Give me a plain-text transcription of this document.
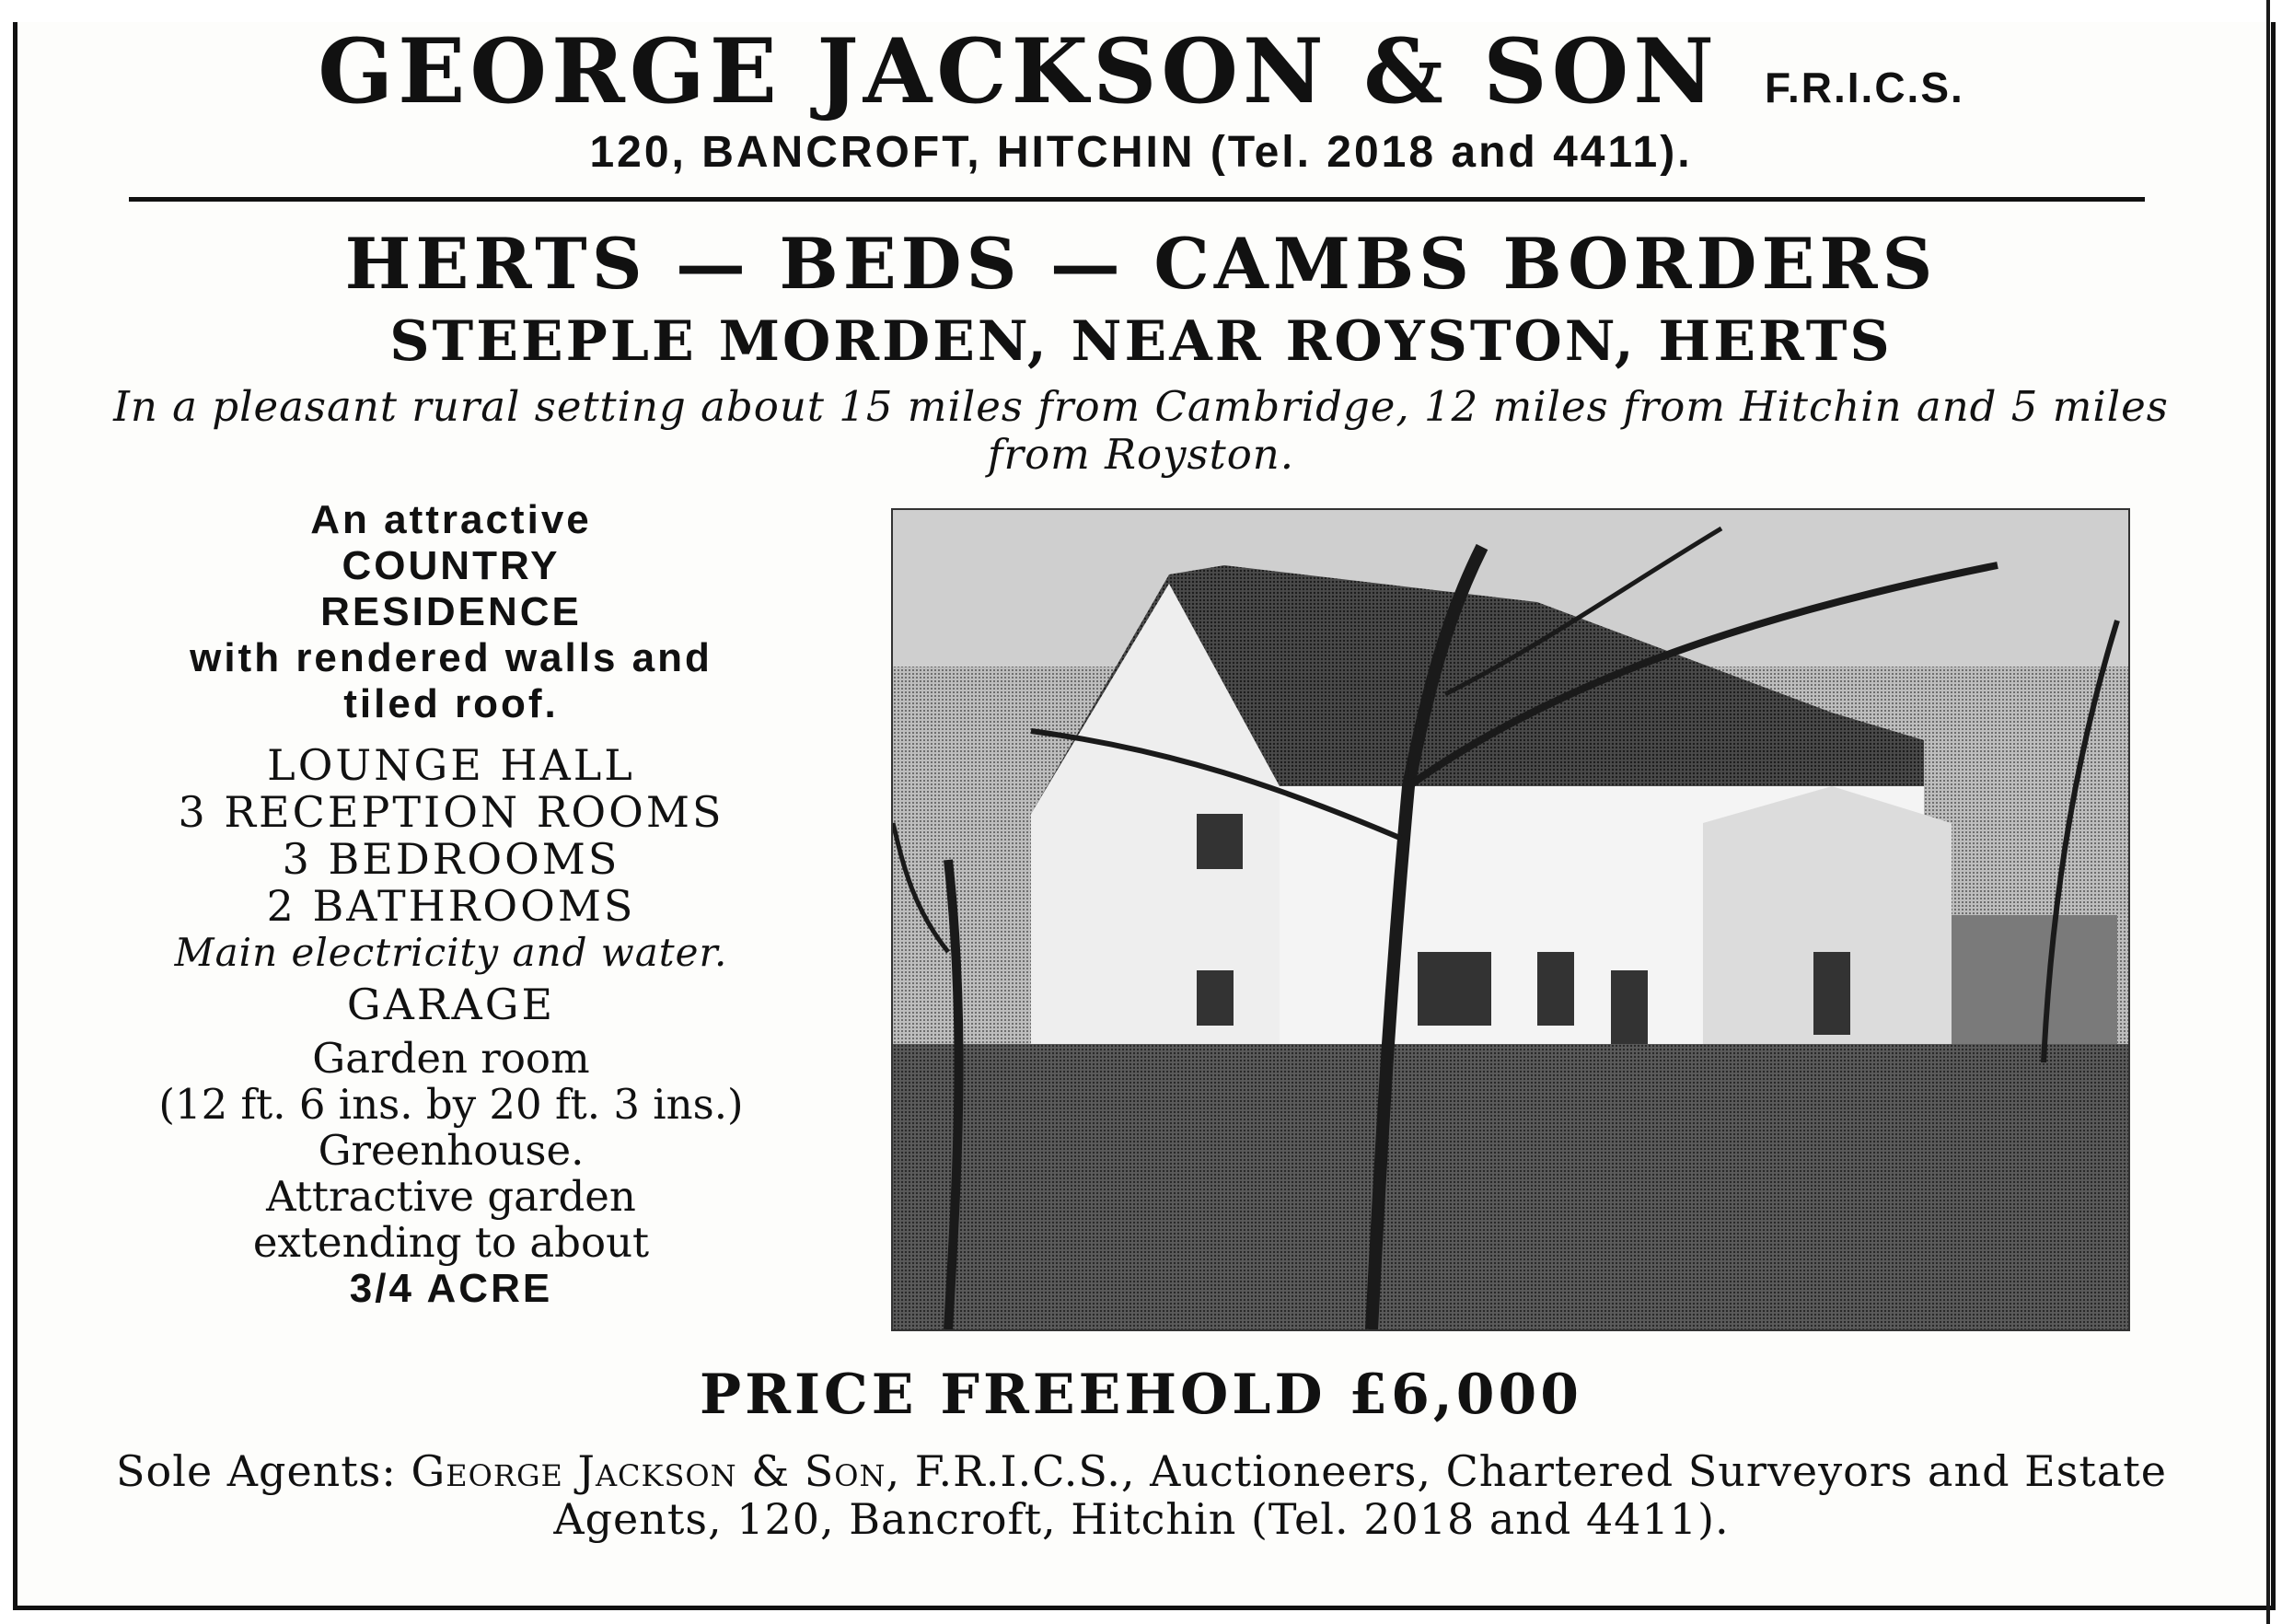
GEORGE JACKSON & SON F.R.I.C.S.
120, BANCROFT, HITCHIN (Tel. 2018 and 4411).
HERTS — BEDS — CAMBS BORDERS
STEEPLE MORDEN, NEAR ROYSTON, HERTS
In a pleasant rural setting about 15 miles from Cambridge, 12 miles from Hitchin and 5 miles from Royston.
An attractive
COUNTRY
RESIDENCE
with rendered walls and
tiled roof.
LOUNGE HALL
3 RECEPTION ROOMS
3 BEDROOMS
2 BATHROOMS
Main electricity and water.
GARAGE
Garden room
(12 ft. 6 ins. by 20 ft. 3 ins.)
Greenhouse.
Attractive garden
extending to about
3/4 ACRE
PRICE FREEHOLD £6,000
Sole Agents: George Jackson & Son, F.R.I.C.S., Auctioneers, Chartered Surveyors and Estate Agents, 120, Bancroft, Hitchin (Tel. 2018 and 4411).
